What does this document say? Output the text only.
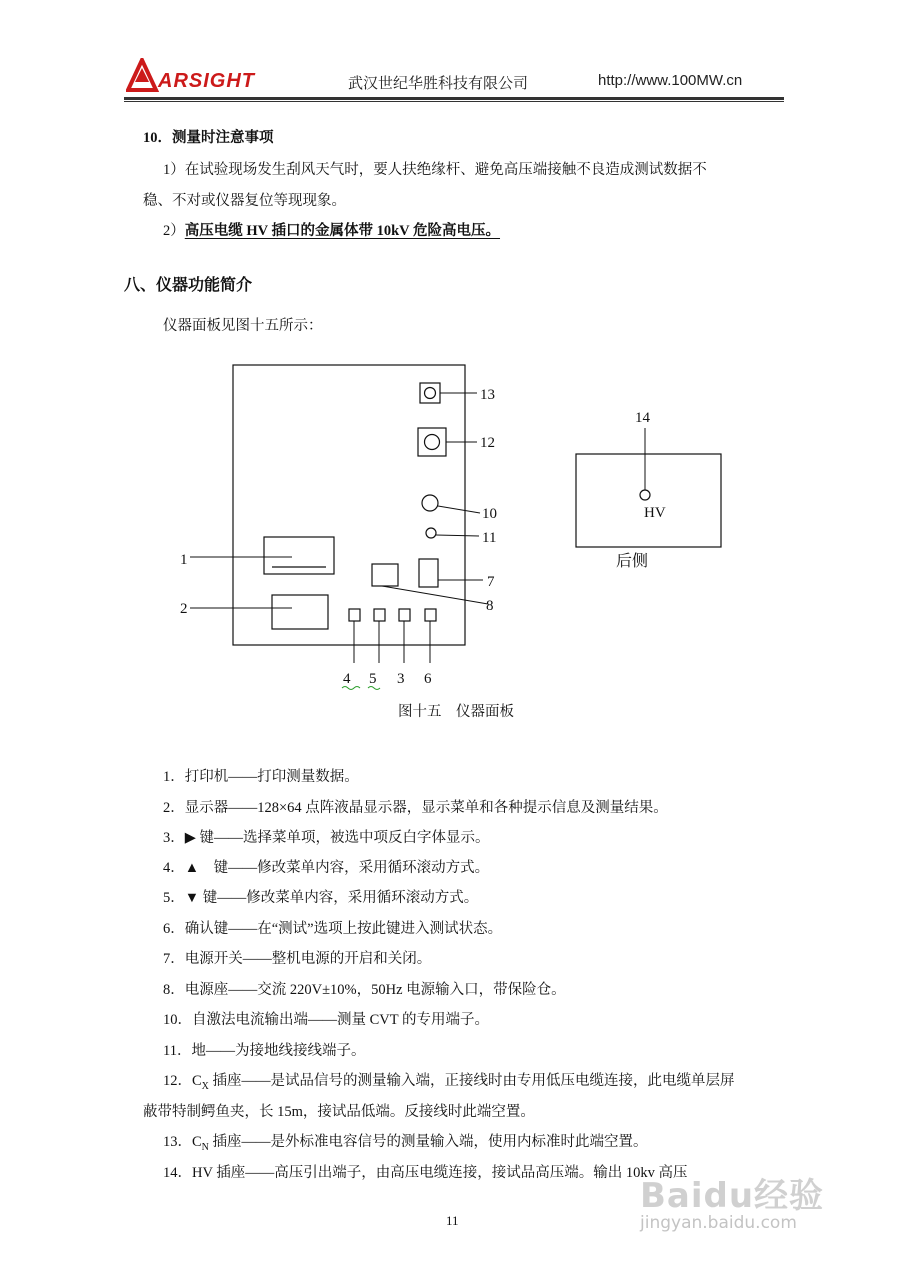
ARSIGHT	武汉世纪华胜科技有限公司	http://www.100MW.cn
10．测量时注意事项
1）在试验现场发生刮风天气时，要人扶绝缘杆、避免高压端接触不良造成测试数据不
稳、不对或仪器复位等现现象。
2）高压电缆 HV 插口的金属体带 10kV 危险高电压。
八、仪器功能简介
仪器面板见图十五所示：
13
12
10
11
1
2	8
7
4 5 3 6
14
HV
后侧
图十五　仪器面板
1．打印机——打印测量数据。
2．显示器——128×64 点阵液晶显示器，显示菜单和各种提示信息及测量结果。
3．▶ 键——选择菜单项，被选中项反白字体显示。
4．▲　键——修改菜单内容，采用循环滚动方式。
5．▼ 键——修改菜单内容，采用循环滚动方式。
6．确认键——在“测试”选项上按此键进入测试状态。
7．电源开关——整机电源的开启和关闭。
8．电源座——交流 220V±10%，50Hz 电源输入口，带保险仓。
10．自激法电流输出端——测量 CVT 的专用端子。
11．地——为接地线接线端子。
12．$C_X$ 插座——是试品信号的测量输入端，正接线时由专用低压电缆连接，此电缆单层屏
蔽带特制鳄鱼夹，长 15m，接试品低端。反接线时此端空置。
13．$C_N$ 插座——是外标准电容信号的测量输入端，使用内标准时此端空置。
14．HV 插座——高压引出端子，由高压电缆连接，接试品高压端。输出 10kv 高压
Baidu经验
jingyan.baidu.com
11
